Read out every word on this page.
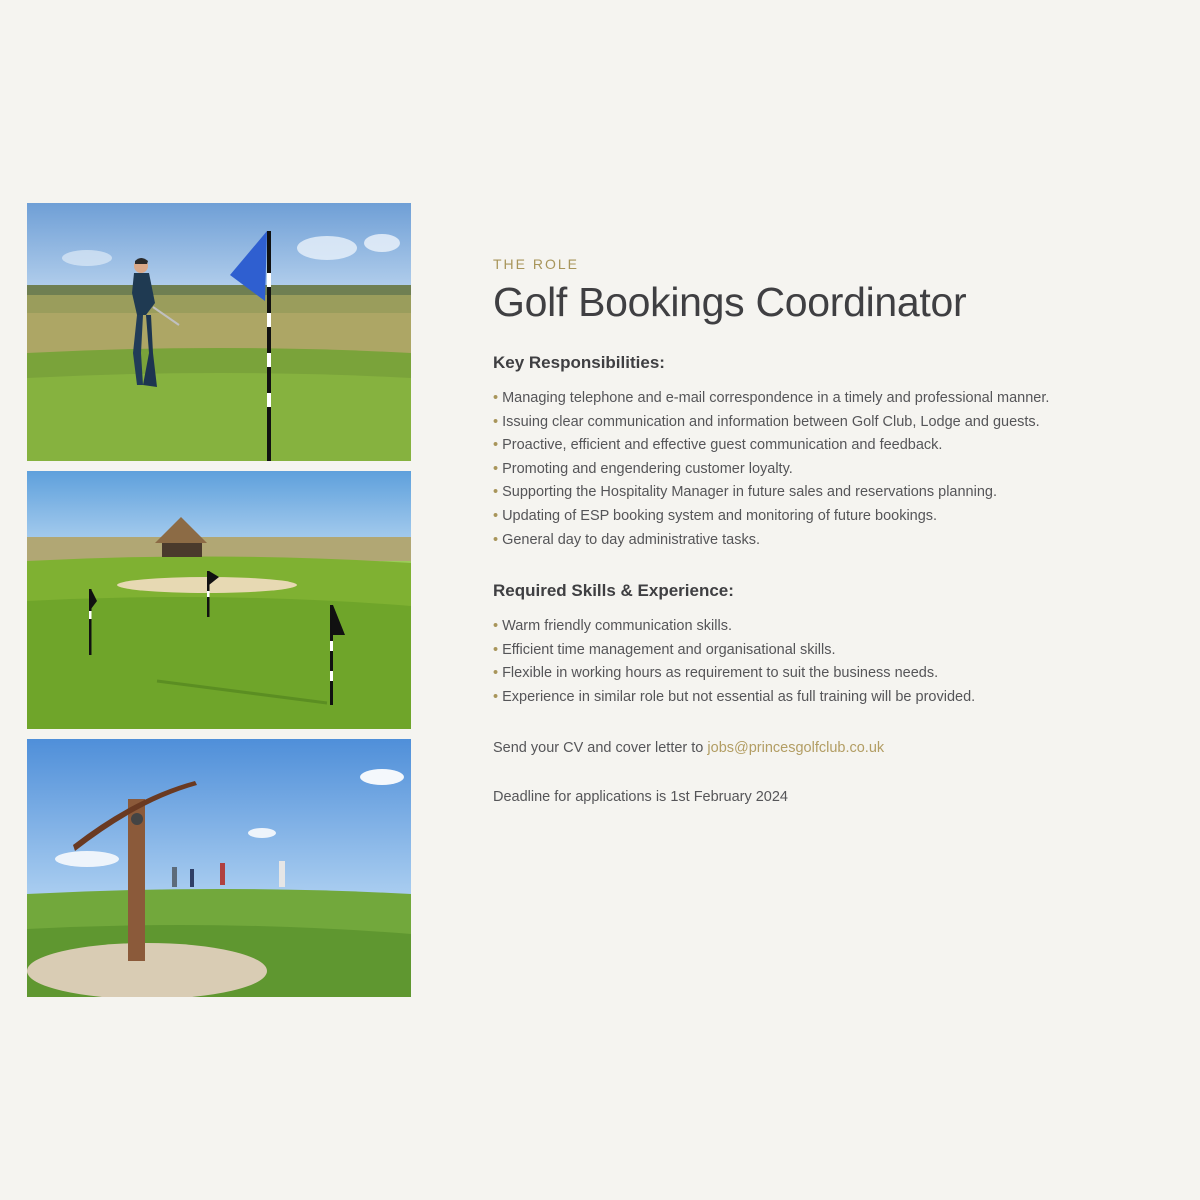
THE ROLE

Golf Bookings Coordinator
Key Responsibilities:
• Managing telephone and e-mail correspondence in a timely and professional manner.
• Issuing clear communication and information between Golf Club, Lodge and guests.
• Proactive, efficient and effective guest communication and feedback.
• Promoting and engendering customer loyalty.
• Supporting the Hospitality Manager in future sales and reservations planning.
• Updating of ESP booking system and monitoring of future bookings.
• General day to day administrative tasks.
Required Skills & Experience:
• Warm friendly communication skills.
• Efficient time management and organisational skills.
• Flexible in working hours as requirement to suit the business needs.
• Experience in similar role but not essential as full training will be provided.

Send your CV and cover letter to jobs@princesgolfclub.co.uk

Deadline for applications is 1st February 2024
